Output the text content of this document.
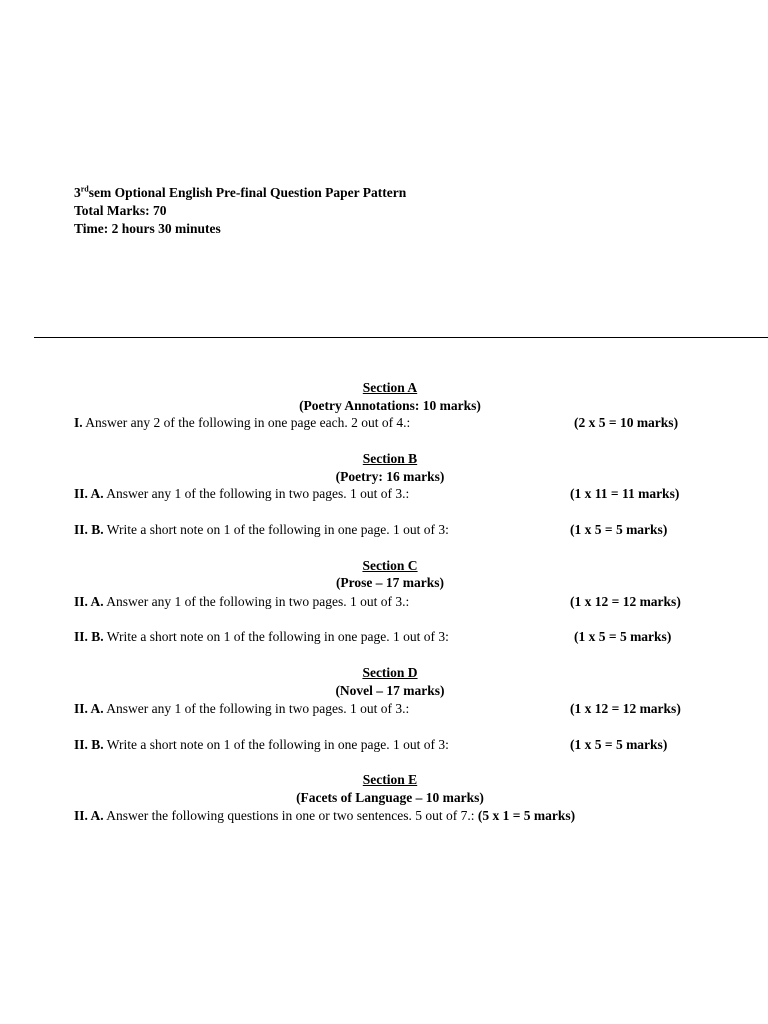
3rdsem Optional English Pre-final Question Paper Pattern
Total Marks: 70
Time: 2 hours 30 minutes
Section A
(Poetry Annotations: 10 marks)
I. Answer any 2 of the following in one page each. 2 out of 4.:	(2 x 5 = 10 marks)
Section B
(Poetry: 16 marks)
II. A. Answer any 1 of the following in two pages. 1 out of 3.:	(1 x 11 = 11 marks)
II. B. Write a short note on 1 of the following in one page. 1 out of 3:	(1 x 5 = 5 marks)
Section C
(Prose – 17 marks)
II. A. Answer any 1 of the following in two pages. 1 out of 3.:	(1 x 12 = 12 marks)
II. B. Write a short note on 1 of the following in one page. 1 out of 3:	(1 x 5 = 5 marks)
Section D
(Novel – 17 marks)
II. A. Answer any 1 of the following in two pages. 1 out of 3.:	(1 x 12 = 12 marks)
II. B. Write a short note on 1 of the following in one page. 1 out of 3:	(1 x 5 = 5 marks)
Section E
(Facets of Language – 10 marks)
II. A. Answer the following questions in one or two sentences. 5 out of 7.: (5 x 1 = 5 marks)
